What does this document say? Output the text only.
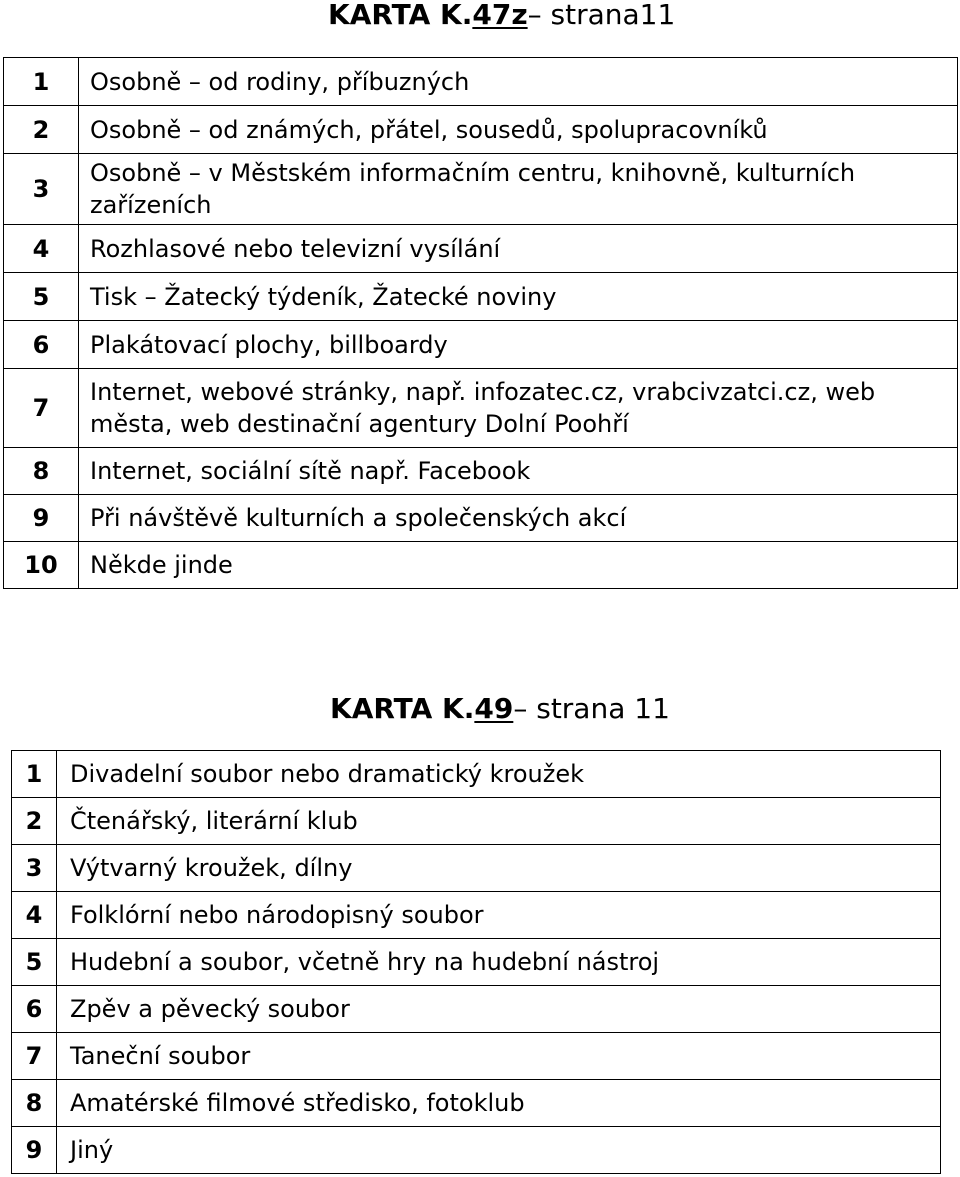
KARTA K.47z– strana11
1	Osobně – od rodiny, příbuzných
2	Osobně – od známých, přátel, sousedů, spolupracovníků
3	Osobně – v Městském informačním centru, knihovně, kulturních zařízeních
4	Rozhlasové nebo televizní vysílání
5	Tisk – Žatecký týdeník, Žatecké noviny
6	Plakátovací plochy, billboardy
7	Internet, webové stránky, např. infozatec.cz, vrabcivzatci.cz, web města, web destinační agentury Dolní Poohří
8	Internet, sociální sítě např. Facebook
9	Při návštěvě kulturních a společenských akcí
10	Někde jinde
KARTA K.49– strana 11
1	Divadelní soubor nebo dramatický kroužek
2	Čtenářský, literární klub
3	Výtvarný kroužek, dílny
4	Folklórní nebo národopisný soubor
5	Hudební a soubor, včetně hry na hudební nástroj
6	Zpěv a pěvecký soubor
7	Taneční soubor
8	Amatérské filmové středisko, fotoklub
9	Jiný
